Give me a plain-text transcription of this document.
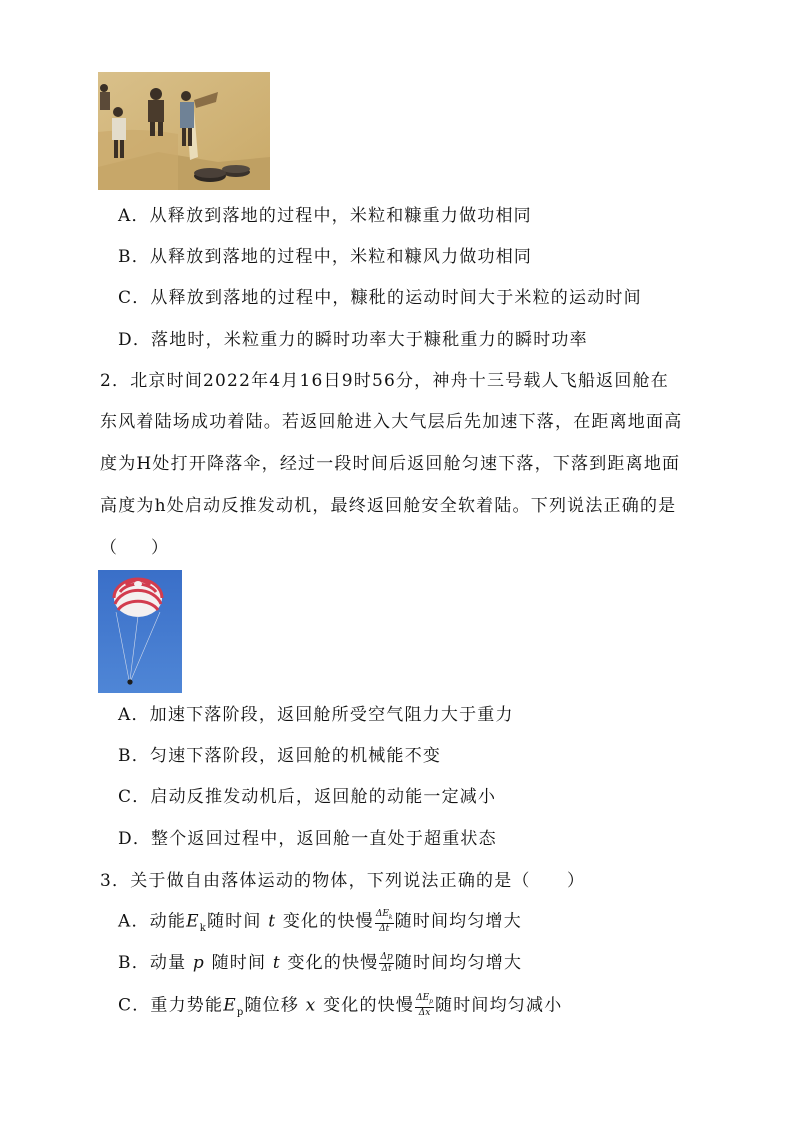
A．从释放到落地的过程中，米粒和糠重力做功相同
B．从释放到落地的过程中，米粒和糠风力做功相同
C．从释放到落地的过程中，糠秕的运动时间大于米粒的运动时间
D．落地时，米粒重力的瞬时功率大于糠秕重力的瞬时功率
2．北京时间2022年4月16日9时56分，神舟十三号载人飞船返回舱在
东风着陆场成功着陆。若返回舱进入大气层后先加速下落，在距离地面高
度为H处打开降落伞，经过一段时间后返回舱匀速下落，下落到距离地面
高度为h处启动反推发动机，最终返回舱安全软着陆。下列说法正确的是
（　　）
A．加速下落阶段，返回舱所受空气阻力大于重力
B．匀速下落阶段，返回舱的机械能不变
C．启动反推发动机后，返回舱的动能一定减小
D．整个返回过程中，返回舱一直处于超重状态
3．关于做自由落体运动的物体，下列说法正确的是（　　）
A．动能$E_k$随时间 t 变化的快慢 $\frac{\Delta E_k}{\Delta t}$ 随时间均匀增大
B．动量 p 随时间 t 变化的快慢 $\frac{\Delta p}{\Delta t}$ 随时间均匀增大
C．重力势能$E_p$随位移 x 变化的快慢 $\frac{\Delta E_p}{\Delta x}$ 随时间均匀减小
